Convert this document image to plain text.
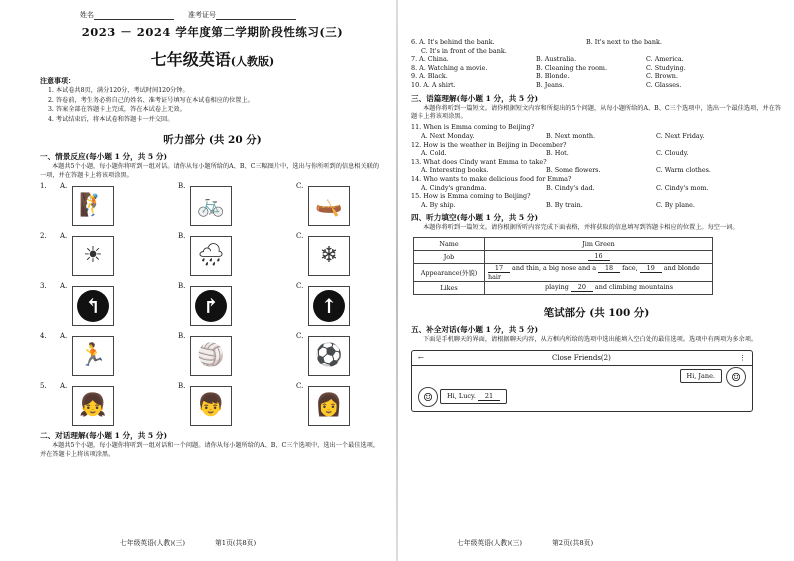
姓名	准考证号
2023 － 2024 学年度第二学期阶段性练习(三)
七年级英语(人教版)
注意事项：

1. 本试卷共8页，满分120分，考试时间120分钟。

2. 答卷前，考生务必将自己的姓名、准考证号填写在本试卷相应的位置上。

3. 答案全部在答题卡上完成，答在本试卷上无效。

4. 考试结束后，将本试卷和答题卡一并交回。

听力部分 (共 20 分)
一、情景反应(每小题 1 分，共 5 分)

本题共5个小题，每小题你将听到一组对话。请你从每小题所给的A、B、C三幅图片中，选出与你所听到的信息相关联的一项，并在答题卡上将该项涂黑。

1.	A.
🧗
B.
🚲
C.
🛶
2.	A.
☀
B.
🌧
C.
❄
3.	A.
↰
B.
↱
C.
↑
4.	A.
🏃
B.
🏐
C.
⚽
5.	A.
👧
B.
👦
C.
👩
二、对话理解(每小题 1 分，共 5 分)

本题共5个小题，每小题你将听到一组对话和一个问题。请你从每小题所给的A、B、C三个选项中，选出一个最佳选项，并在答题卡上将该项涂黑。

七年级英语(人教)(三)	第1页(共8页)
6. A. It's behind the bank.	B. It's next to the bank.
C. It's in front of the bank.
7. A. China.	B. Australia.	C. America.
8. A. Watching a movie.	B. Cleaning the room.	C. Studying.
9. A. Black.	B. Blonde.	C. Brown.
10. A. A shirt.	B. Jeans.	C. Glasses.
三、语篇理解(每小题 1 分，共 5 分)

本题你将听到一篇短文。请你根据短文内容和所提出的5个问题，从每小题所给的A、B、C三个选项中，选出一个最佳选项，并在答题卡上将该项涂黑。

11. When is Emma coming to Beijing?
A. Next Monday.	B. Next month.	C. Next Friday.
12. How is the weather in Beijing in December?
A. Cold.	B. Hot.	C. Cloudy.
13. What does Cindy want Emma to take?
A. Interesting books.	B. Some flowers.	C. Warm clothes.
14. Who wants to make delicious food for Emma?
A. Cindy's grandma.	B. Cindy's dad.	C. Cindy's mom.
15. How is Emma coming to Beijing?
A. By ship.	B. By train.	C. By plane.
四、听力填空(每小题 1 分，共 5 分)

本题你将听到一篇短文。请你根据所听内容完成下面表格，并将获取的信息填写到答题卡相应的位置上。每空一词。

Name	Jim Green
Job	16
Appearance(外貌)	17 and thin, a big nose and a 18 face, 19 and blonde hair
Likes	playing 20 and climbing mountains
笔试部分 (共 100 分)
五、补全对话(每小题 1 分，共 5 分)

下面是手机聊天的界面，请根据聊天内容，从方框内所给的选项中选出能填入空白处的最佳选项。选项中有两项为多余项。

←	Close Friends(2)	⋮
Hi, Jane.	☺
☺	Hi, Lucy. 21
七年级英语(人教)(三)	第2页(共8页)
